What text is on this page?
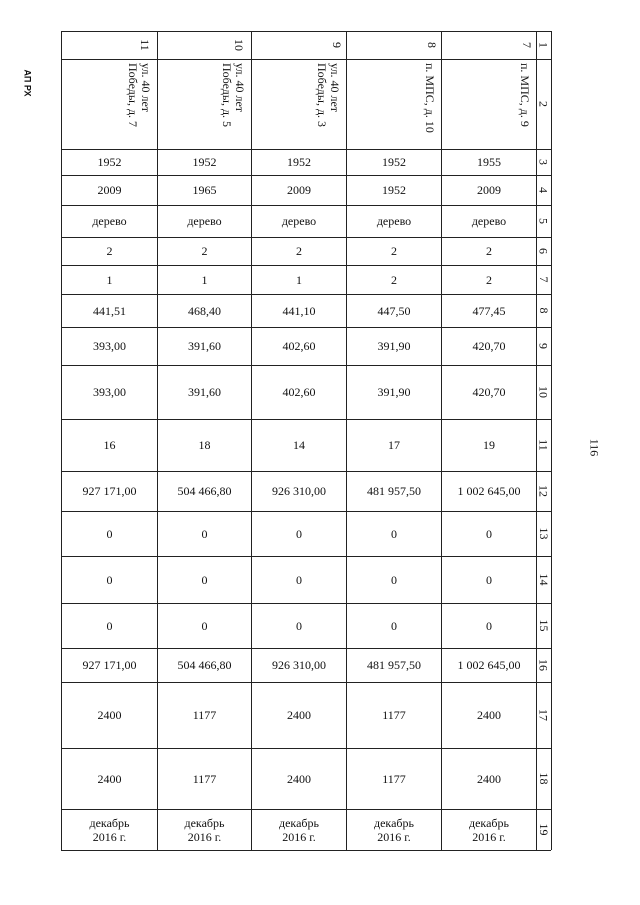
АП РХ
116
1
2
3
4
5
6
7
8
9
10
11
12
13
14
15
16
17
18
19
11
ул. 40 лет
Победы, д. 7
1952
2009
дерево
2
1
441,51
393,00
393,00
16
927 171,00
0
0
0
927 171,00
2400
2400
декабрь
2016 г.
10
ул. 40 лет
Победы, д. 5
1952
1965
дерево
2
1
468,40
391,60
391,60
18
504 466,80
0
0
0
504 466,80
1177
1177
декабрь
2016 г.
9
ул. 40 лет
Победы, д. 3
1952
2009
дерево
2
1
441,10
402,60
402,60
14
926 310,00
0
0
0
926 310,00
2400
2400
декабрь
2016 г.
8
п. МПС, д. 10
1952
1952
дерево
2
2
447,50
391,90
391,90
17
481 957,50
0
0
0
481 957,50
1177
1177
декабрь
2016 г.
7
п. МПС, д. 9
1955
2009
дерево
2
2
477,45
420,70
420,70
19
1 002 645,00
0
0
0
1 002 645,00
2400
2400
декабрь
2016 г.
